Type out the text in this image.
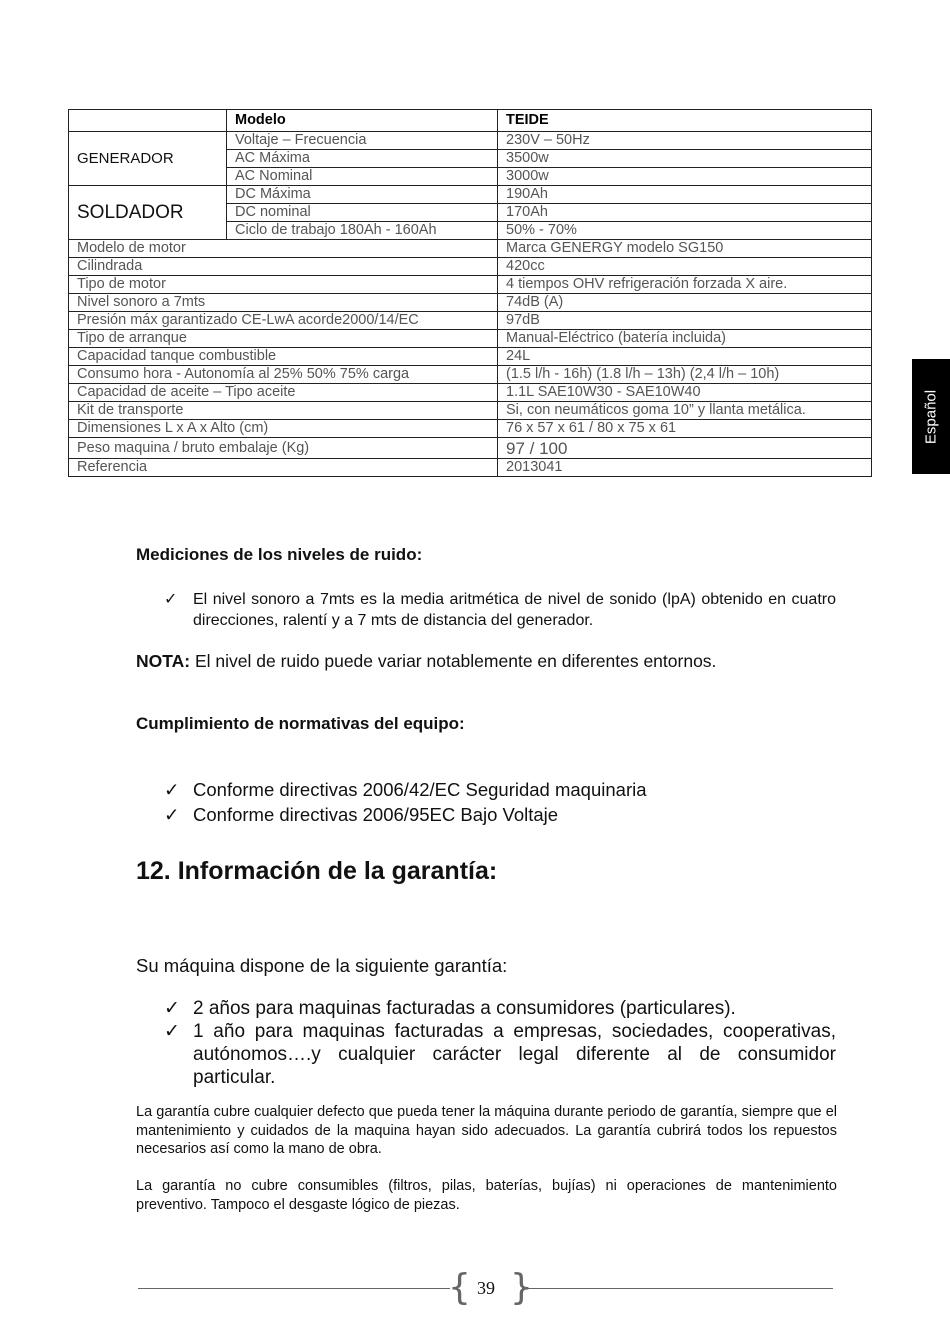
	Modelo	TEIDE
GENERADOR	Voltaje – Frecuencia	230V – 50Hz
	AC Máxima	3500w
	AC Nominal	3000w
SOLDADOR	DC Máxima	190Ah
	DC nominal	170Ah
	Ciclo de trabajo 180Ah - 160Ah	50% - 70%
Modelo de motor		Marca GENERGY modelo SG150
Cilindrada		420cc
Tipo de motor		4 tiempos OHV refrigeración forzada X aire.
Nivel sonoro a 7mts		74dB (A)
Presión máx garantizado CE-LwA acorde2000/14/EC		97dB
Tipo de arranque		Manual-Eléctrico (batería incluida)
Capacidad tanque combustible		24L
Consumo hora - Autonomía al 25% 50% 75% carga		(1.5 l/h - 16h) (1.8 l/h – 13h) (2,4 l/h – 10h)
Capacidad de aceite – Tipo aceite		1.1L SAE10W30 - SAE10W40
Kit de transporte		Si, con neumáticos goma 10” y llanta metálica.
Dimensiones L x A x Alto (cm)		76 x 57 x 61 / 80 x 75 x 61
Peso maquina / bruto embalaje (Kg)		97 / 100
Referencia		2013041
Español
Mediciones de los niveles de ruido:
✓ El nivel sonoro a 7mts es la media aritmética de nivel de sonido (lpA) obtenido en cuatro direcciones, ralentí y a 7 mts de distancia del generador.
NOTA: El nivel de ruido puede variar notablemente en diferentes entornos.
Cumplimiento de normativas del equipo:
✓ Conforme directivas 2006/42/EC Seguridad maquinaria
✓ Conforme directivas 2006/95EC Bajo Voltaje
12. Información de la garantía:
Su máquina dispone de la siguiente garantía:
✓ 2 años para maquinas facturadas a consumidores (particulares).
✓ 1 año para maquinas facturadas a empresas, sociedades, cooperativas, autónomos….y cualquier carácter legal diferente al de consumidor particular.
La garantía cubre cualquier defecto que pueda tener la máquina durante periodo de garantía, siempre que el mantenimiento y cuidados de la maquina hayan sido adecuados. La garantía cubrirá todos los repuestos necesarios así como la mano de obra.
La garantía no cubre consumibles (filtros, pilas, baterías, bujías) ni operaciones de mantenimiento preventivo. Tampoco el desgaste lógico de piezas.
{ }
39
